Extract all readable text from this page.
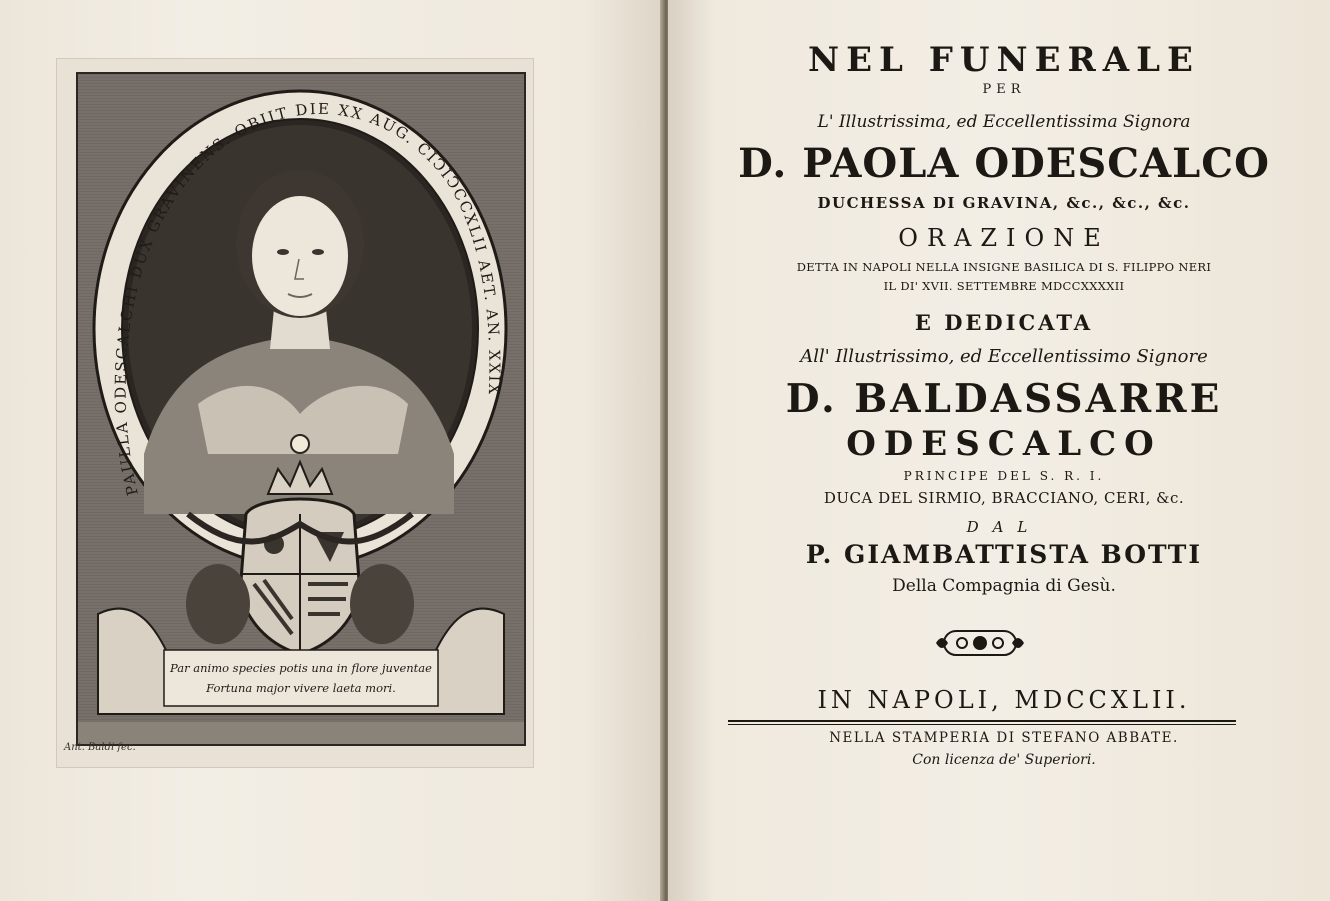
PAULLA ODESCALCHI DUX GRAVINENS. OBIIT DIE XX AUG. CIↃIↃCCXLII AET. AN. XXIX
Par animo species potis una in flore juventae
Fortuna major vivere laeta mori.
Ant. Baldi fec.
NEL FUNERALE
PER
L' Illustrissima, ed Eccellentissima Signora
D. PAOLA ODESCALCO
DUCHESSA DI GRAVINA, &c., &c., &c.
ORAZIONE
DETTA IN NAPOLI NELLA INSIGNE BASILICA DI S. FILIPPO NERI
IL DI' XVII. SETTEMBRE MDCCXXXXII
E DEDICATA
All' Illustrissimo, ed Eccellentissimo Signore
D. BALDASSARRE
ODESCALCO
PRINCIPE DEL S. R. I.
DUCA DEL SIRMIO, BRACCIANO, CERI, &c.
DAL
P. GIAMBATTISTA BOTTI
Della Compagnia di Gesù.
IN NAPOLI, MDCCXLII.
NELLA STAMPERIA DI STEFANO ABBATE.
Con licenza de' Superiori.
